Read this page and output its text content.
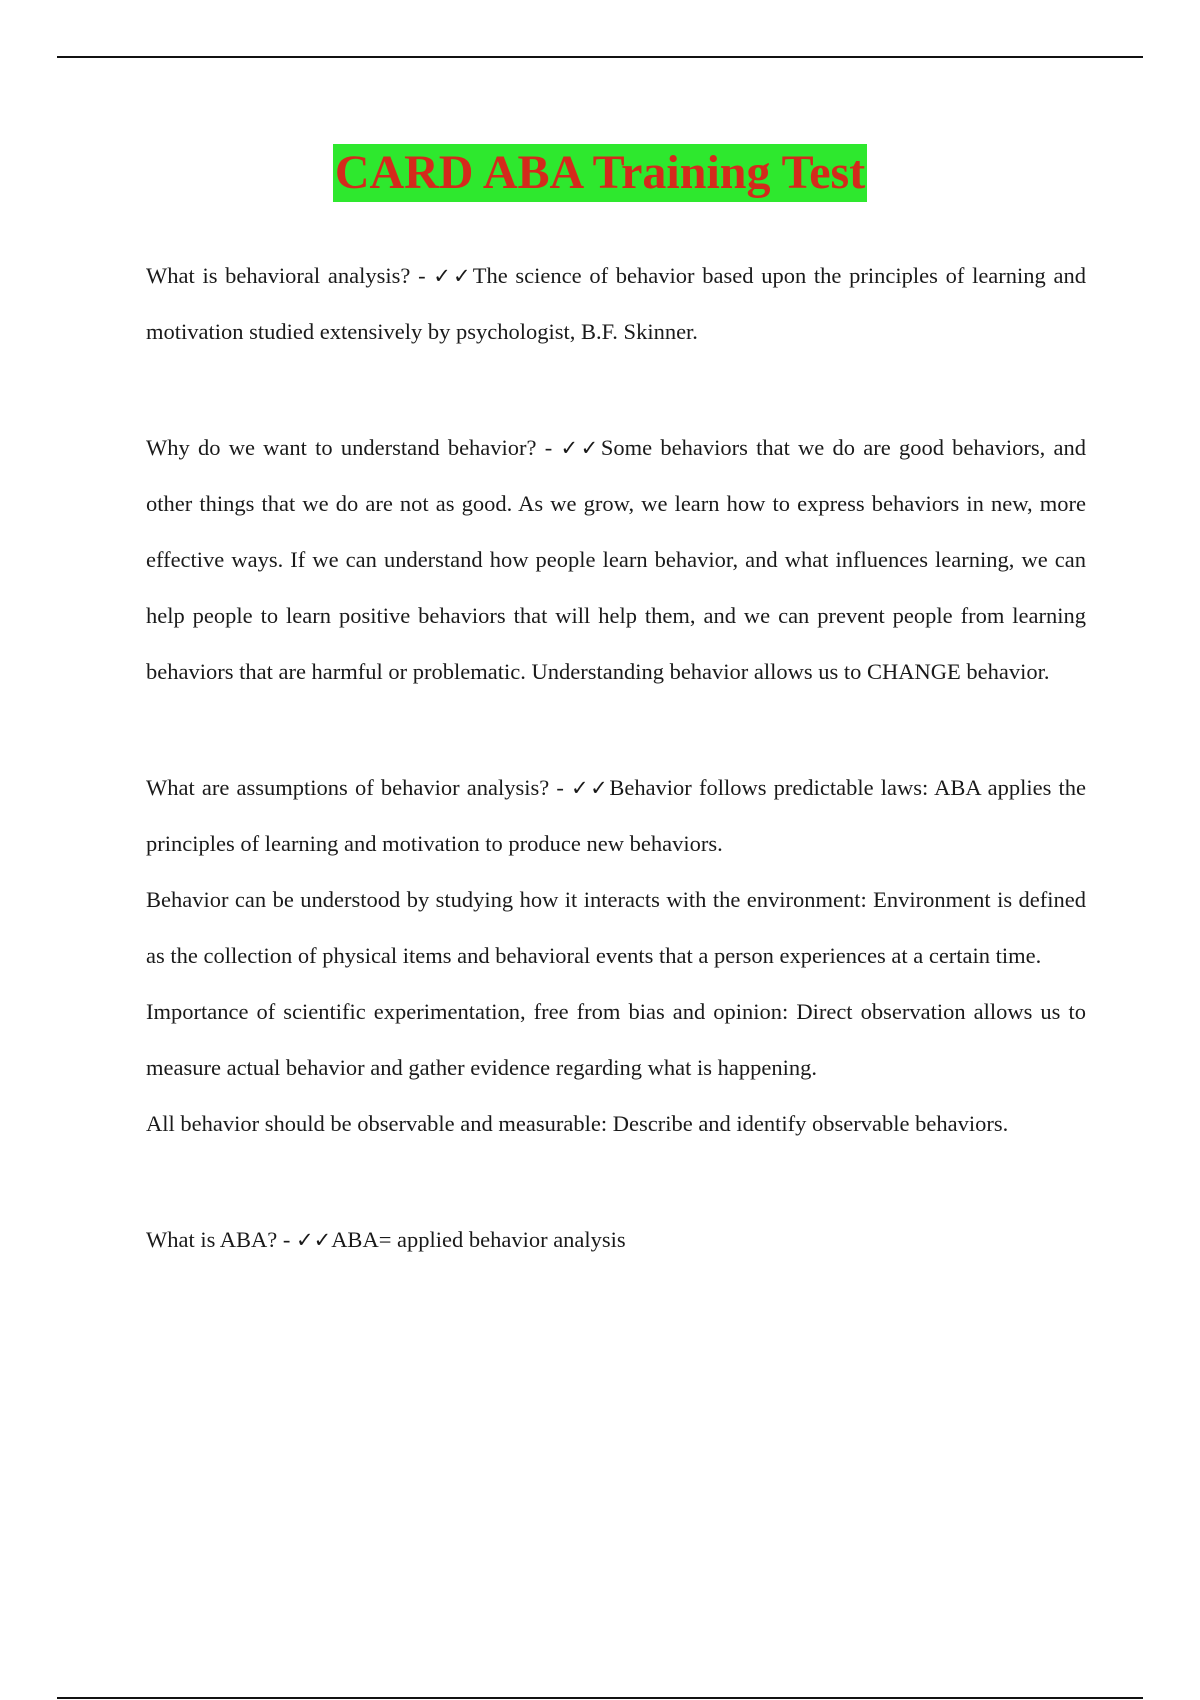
CARD ABA Training Test
What is behavioral analysis? - ✓✓The science of behavior based upon the principles of learning and motivation studied extensively by psychologist, B.F. Skinner.
Why do we want to understand behavior? - ✓✓Some behaviors that we do are good behaviors, and other things that we do are not as good. As we grow, we learn how to express behaviors in new, more effective ways. If we can understand how people learn behavior, and what influences learning, we can help people to learn positive behaviors that will help them, and we can prevent people from learning behaviors that are harmful or problematic. Understanding behavior allows us to CHANGE behavior.
What are assumptions of behavior analysis? - ✓✓Behavior follows predictable laws: ABA applies the principles of learning and motivation to produce new behaviors.
Behavior can be understood by studying how it interacts with the environment: Environment is defined as the collection of physical items and behavioral events that a person experiences at a certain time.
Importance of scientific experimentation, free from bias and opinion: Direct observation allows us to measure actual behavior and gather evidence regarding what is happening.
All behavior should be observable and measurable: Describe and identify observable behaviors.
What is ABA? - ✓✓ABA= applied behavior analysis
